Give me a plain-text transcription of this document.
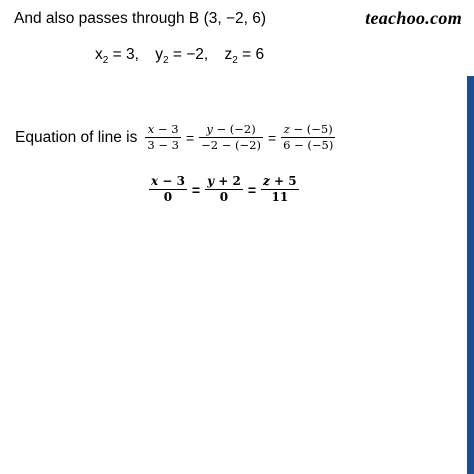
teachoo.com
And also passes through B (3, −2, 6)
$x_2 = 3$, $y_2 = -2$, $z_2 = 6$
Equation of line is $\frac{x - 3}{3 - 3} = \frac{y - (-2)}{-2 - (-2)} = \frac{z - (-5)}{6 - (-5)}$
$\frac{x - 3}{0} = \frac{y + 2}{0} = \frac{z + 5}{11}$
